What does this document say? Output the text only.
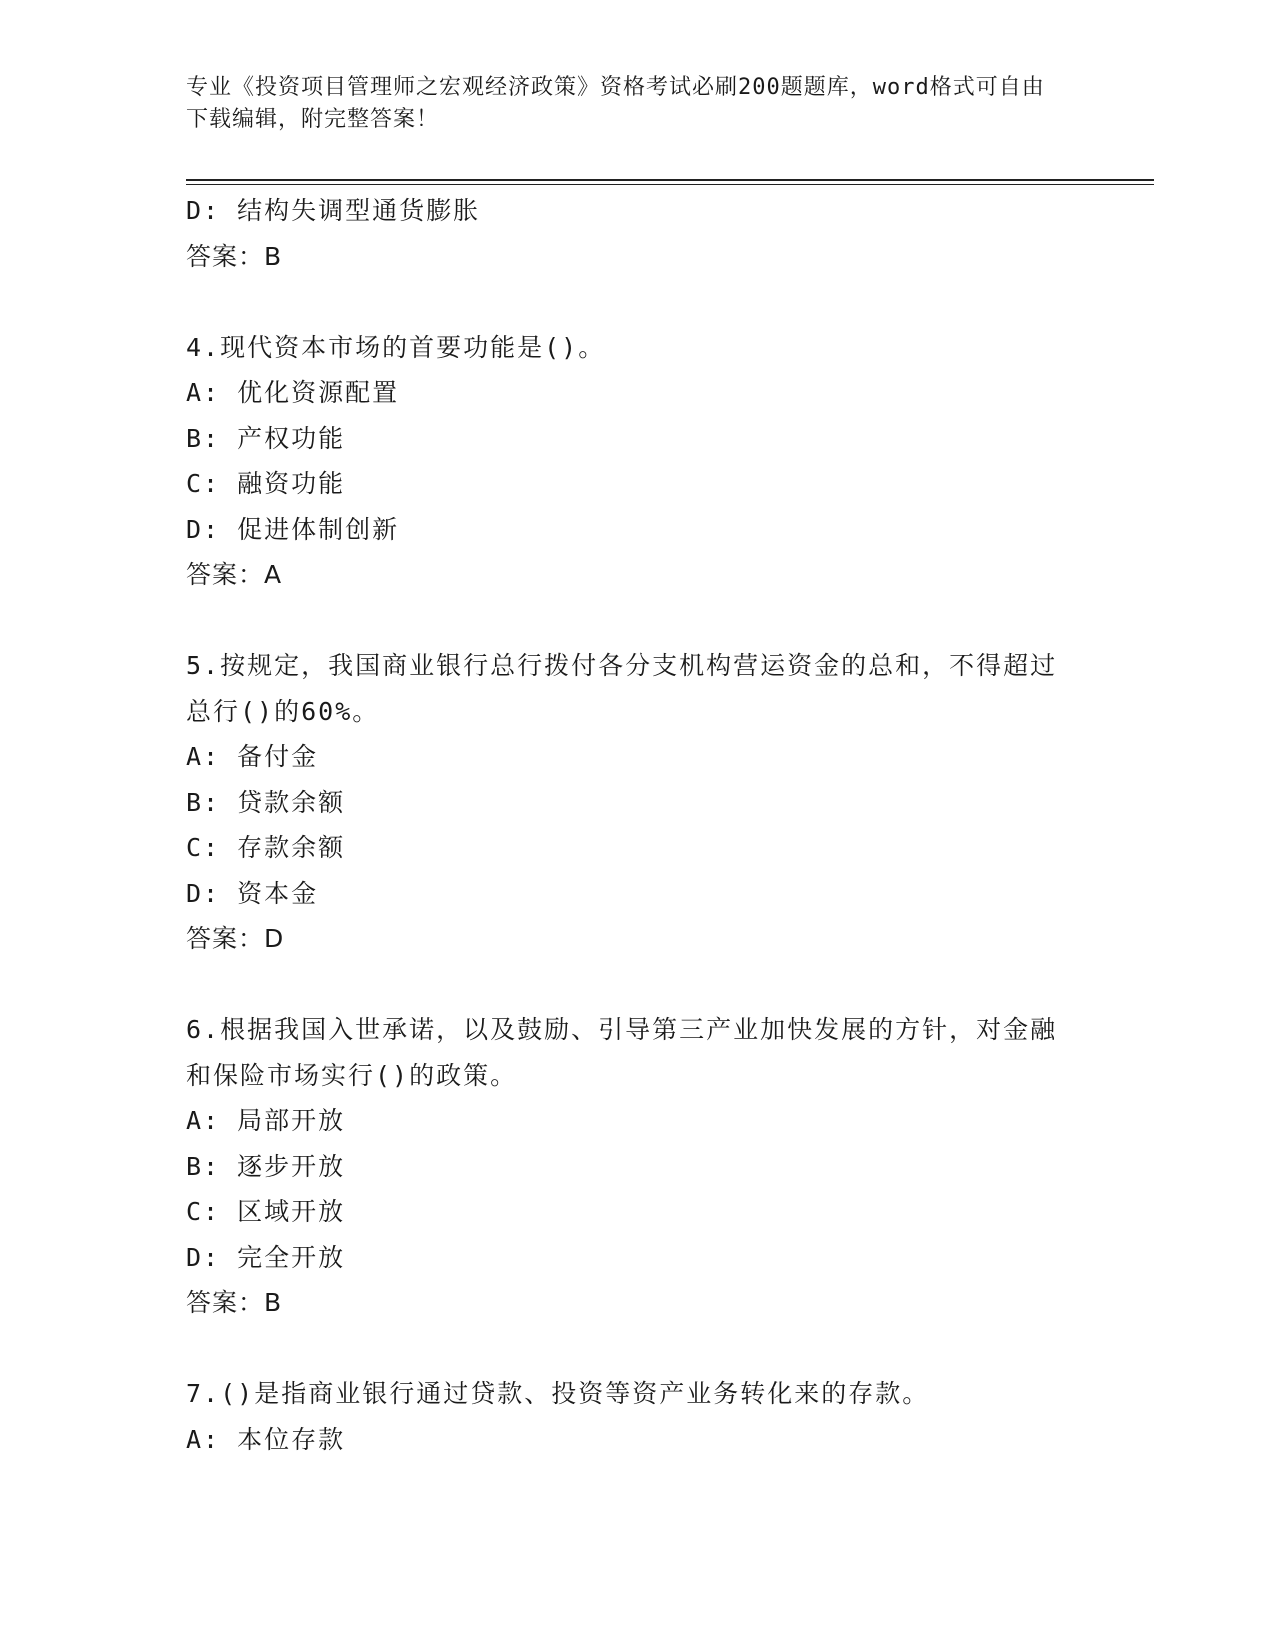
专业《投资项目管理师之宏观经济政策》资格考试必刷200题题库，word格式可自由下载编辑，附完整答案！
D: 结构失调型通货膨胀
答案：B
4.现代资本市场的首要功能是()。
A: 优化资源配置
B: 产权功能
C: 融资功能
D: 促进体制创新
答案：A
5.按规定，我国商业银行总行拨付各分支机构营运资金的总和，不得超过总行()的60%。
A: 备付金
B: 贷款余额
C: 存款余额
D: 资本金
答案：D
6.根据我国入世承诺，以及鼓励、引导第三产业加快发展的方针，对金融和保险市场实行()的政策。
A: 局部开放
B: 逐步开放
C: 区域开放
D: 完全开放
答案：B
7.()是指商业银行通过贷款、投资等资产业务转化来的存款。
A: 本位存款
